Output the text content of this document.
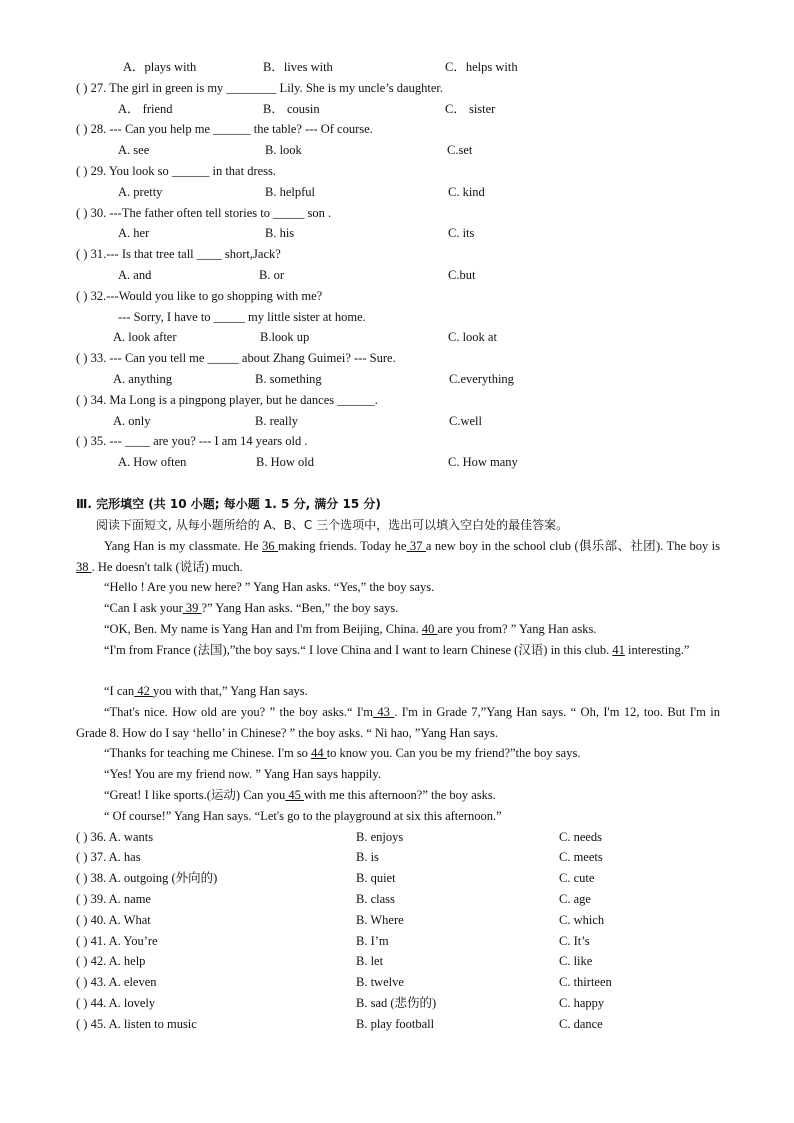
A．plays with	B．lives with	C．helps with
( ) 27. The girl in green is my ________ Lily. She is my uncle’s daughter.
A． friend	B． cousin	C． sister
( ) 28. --- Can you help me ______ the table? --- Of course.
A. see	B. look	C.set
( ) 29. You look so ______ in that dress.
A. pretty	B. helpful	C. kind
( ) 30. ---The father often tell stories to _____ son .
A. her	B. his	C. its
( ) 31.--- Is that tree tall ____ short,Jack?
A. and	B. or	C.but
( ) 32.---Would you like to go shopping with me?
--- Sorry, I have to _____ my little sister at home.
A. look after	B.look up	C. look at
( ) 33. --- Can you tell me _____ about Zhang Guimei? --- Sure.
A. anything	B. something	C.everything
( ) 34. Ma Long is a pingpong player, but he dances ______.
A. only	B. really	C.well
( ) 35. --- ____ are you? --- I am 14 years old .
A. How often	B. How old	C. How many
Ⅲ. 完形填空 (共 10 小题; 每小题 1. 5 分, 满分 15 分)
阅读下面短文, 从每小题所给的 A、B、C 三个选项中，选出可以填入空白处的最佳答案。
Yang Han is my classmate. He 36 making friends. Today he 37 a new boy in the school club (俱乐部、社团). The boy is 38 . He doesn't talk (说话) much.
“Hello ! Are you new here? ” Yang Han asks. “Yes,” the boy says.
“Can I ask your 39 ?” Yang Han asks. “Ben,” the boy says.
“OK, Ben. My name is Yang Han and I'm from Beijing, China. 40 are you from? ” Yang Han asks.
“I'm from France (法国),”the boy says.“ I love China and I want to learn Chinese (汉语) in this club. 41 interesting.”
“I can 42 you with that,” Yang Han says.
“That's nice. How old are you? ” the boy asks.“ I'm 43 . I'm in Grade 7,”Yang Han says. “ Oh, I'm 12, too. But I'm in Grade 8. How do I say ‘hello’ in Chinese? ” the boy asks. “ Ni hao, ”Yang Han says.
“Thanks for teaching me Chinese. I'm so 44 to know you. Can you be my friend?”the boy says.
“Yes! You are my friend now. ” Yang Han says happily.
“Great! I like sports.(运动) Can you 45 with me this afternoon?” the boy asks.
“ Of course!” Yang Han says. “Let's go to the playground at six this afternoon.”
( ) 36. A. wants	B. enjoys	C. needs
( ) 37. A. has	B. is	C. meets
( ) 38. A. outgoing (外向的)	B. quiet	C. cute
( ) 39. A. name	B. class	C. age
( ) 40. A. What	B. Where	C. which
( ) 41. A. You’re	B. I’m	C. It’s
( ) 42. A. help	B. let	C. like
( ) 43. A. eleven	B. twelve	C. thirteen
( ) 44. A. lovely	B. sad (悲伤的)	C. happy
( ) 45. A. listen to music	B. play football	C. dance
